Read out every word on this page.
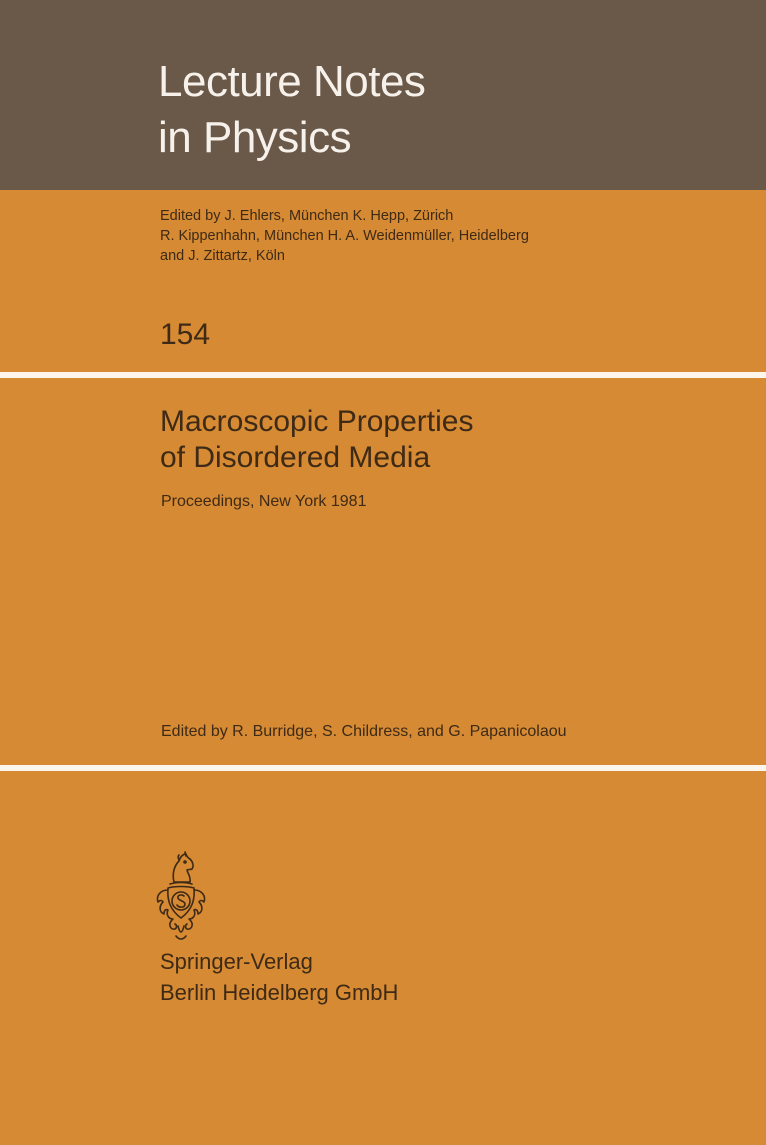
Lecture Notes
in Physics
Edited by J. Ehlers, München K. Hepp, Zürich
R. Kippenhahn, München H. A. Weidenmüller, Heidelberg
and J. Zittartz, Köln
154
Macroscopic Properties
of Disordered Media
Proceedings, New York 1981
Edited by R. Burridge, S. Childress, and G. Papanicolaou
Springer-Verlag
Berlin Heidelberg GmbH
